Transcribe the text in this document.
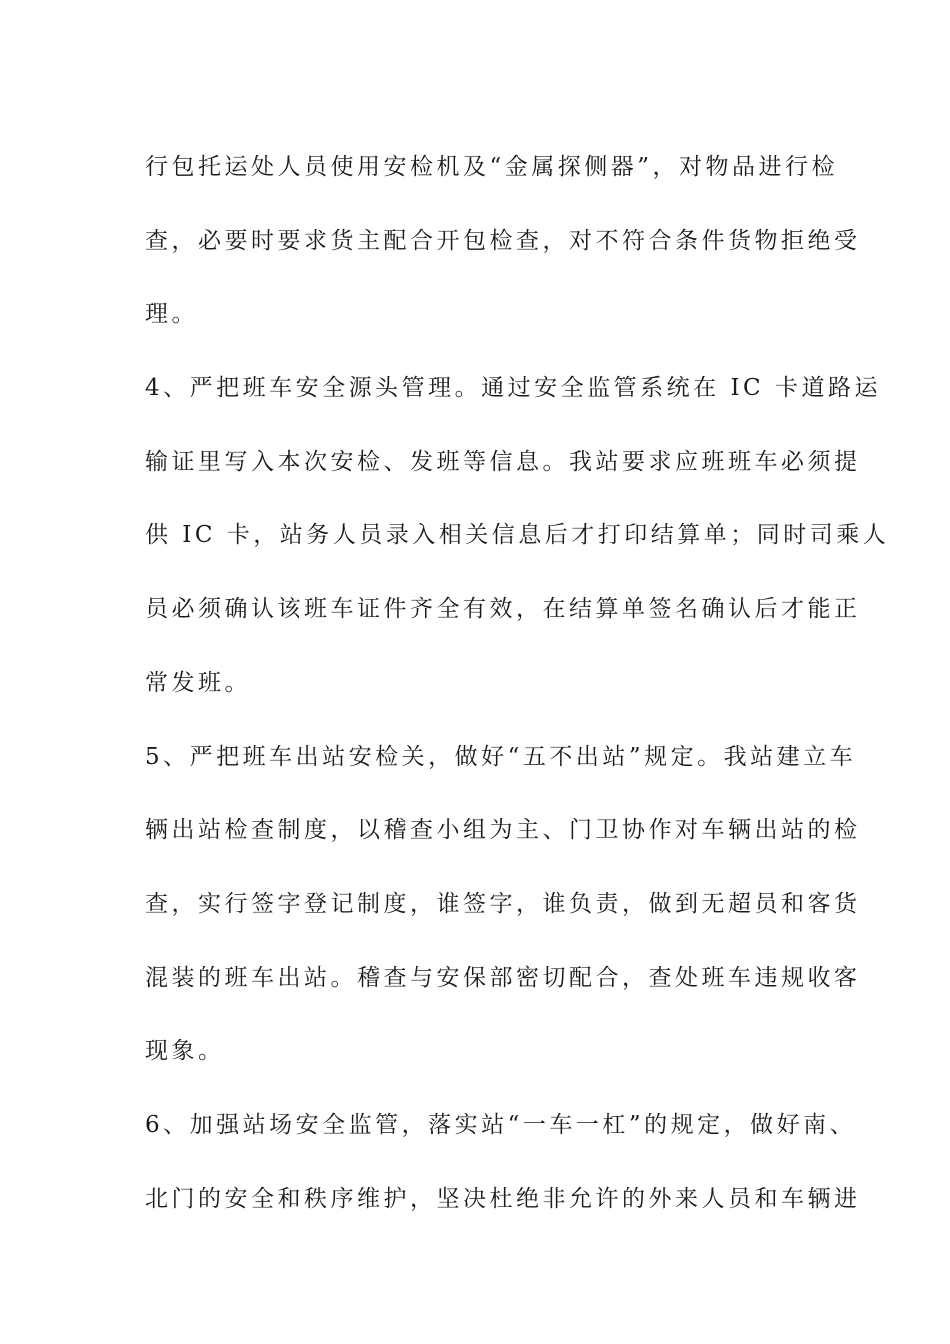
行包托运处人员使用安检机及“金属探侧器”，对物品进行检
查，必要时要求货主配合开包检查，对不符合条件货物拒绝受
理。
4、严把班车安全源头管理。通过安全监管系统在 IC 卡道路运
输证里写入本次安检、发班等信息。我站要求应班班车必须提
供 IC 卡，站务人员录入相关信息后才打印结算单；同时司乘人
员必须确认该班车证件齐全有效，在结算单签名确认后才能正
常发班。
5、严把班车出站安检关，做好“五不出站”规定。我站建立车
辆出站检查制度，以稽查小组为主、门卫协作对车辆出站的检
查，实行签字登记制度，谁签字，谁负责，做到无超员和客货
混装的班车出站。稽查与安保部密切配合，查处班车违规收客
现象。
6、加强站场安全监管，落实站“一车一杠”的规定，做好南、
北门的安全和秩序维护，坚决杜绝非允许的外来人员和车辆进
